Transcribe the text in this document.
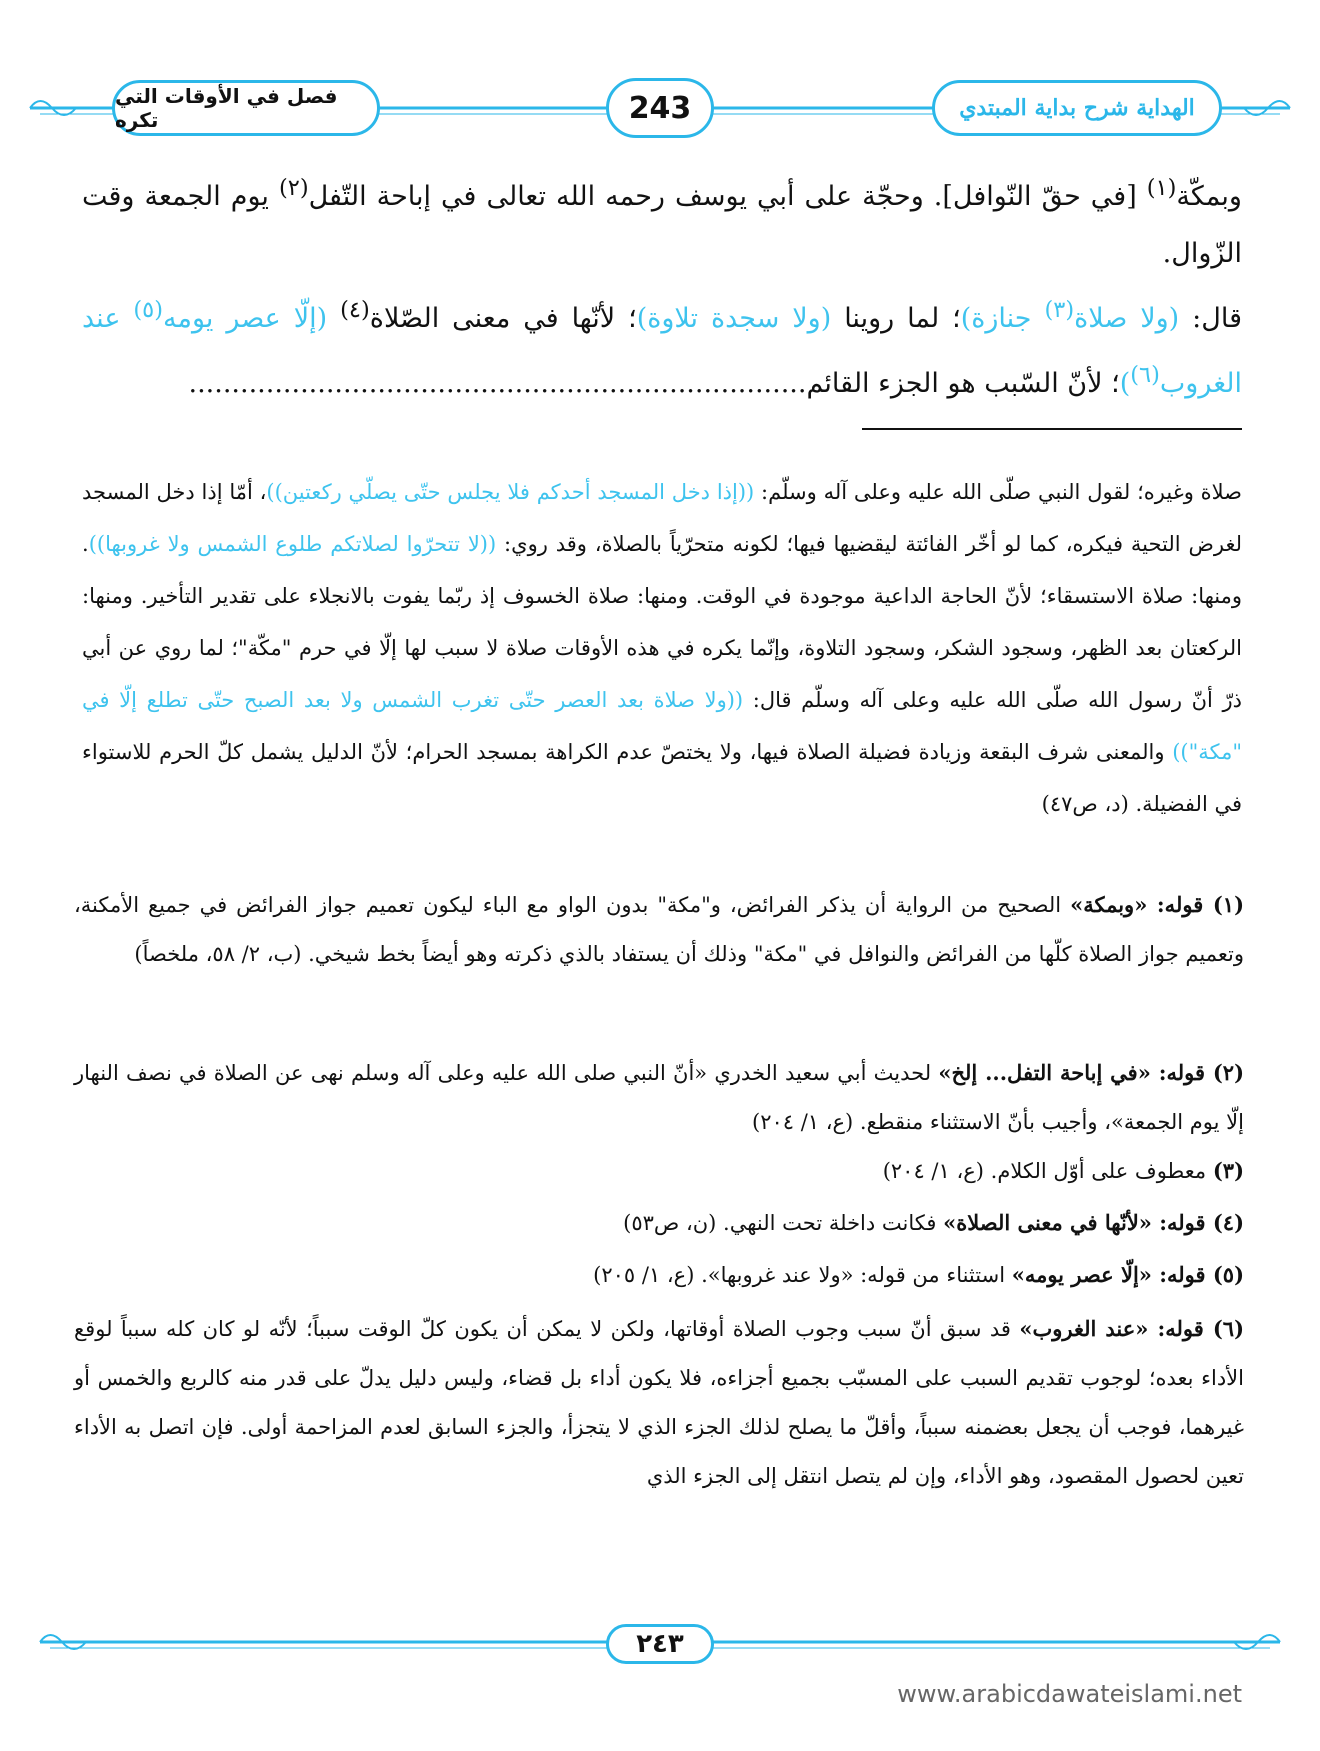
فصل في الأوقات التي تكره	243	الهداية شرح بداية المبتدي
وبمكّة$^{(١)}$ [في حقّ النّوافل]. وحجّة على أبي يوسف رحمه الله تعالى في إباحة التّفل$^{(٢)}$ يوم الجمعة وقت الزّوال.
قال: (ولا صلاة$^{(٣)}$ جنازة)؛ لما روينا (ولا سجدة تلاوة)؛ لأنّها في معنى الصّلاة$^{(٤)}$ (إلّا عصر يومه$^{(٥)}$ عند الغروب$^{(٦)}$)؛ لأنّ السّبب هو الجزء القائم........................................................................
صلاة وغيره؛ لقول النبي صلّى الله عليه وعلى آله وسلّم: ((إذا دخل المسجد أحدكم فلا يجلس حتّى يصلّي ركعتين))، أمّا إذا دخل المسجد لغرض التحية فيكره، كما لو أخّر الفائتة ليقضيها فيها؛ لكونه متحرّياً بالصلاة، وقد روي: ((لا تتحرّوا لصلاتكم طلوع الشمس ولا غروبها)). ومنها: صلاة الاستسقاء؛ لأنّ الحاجة الداعية موجودة في الوقت. ومنها: صلاة الخسوف إذ ربّما يفوت بالانجلاء على تقدير التأخير. ومنها: الركعتان بعد الظهر، وسجود الشكر، وسجود التلاوة، وإنّما يكره في هذه الأوقات صلاة لا سبب لها إلّا في حرم "مكّة"؛ لما روي عن أبي ذرّ أنّ رسول الله صلّى الله عليه وعلى آله وسلّم قال: ((ولا صلاة بعد العصر حتّى تغرب الشمس ولا بعد الصبح حتّى تطلع إلّا في "مكة")) والمعنى شرف البقعة وزيادة فضيلة الصلاة فيها، ولا يختصّ عدم الكراهة بمسجد الحرام؛ لأنّ الدليل يشمل كلّ الحرم للاستواء في الفضيلة. (د، ص٤٧)
(١) قوله: «وبمكة» الصحيح من الرواية أن يذكر الفرائض، و"مكة" بدون الواو مع الباء ليكون تعميم جواز الفرائض في جميع الأمكنة، وتعميم جواز الصلاة كلّها من الفرائض والنوافل في "مكة" وذلك أن يستفاد بالذي ذكرته وهو أيضاً بخط شيخي. (ب، ٢/ ٥٨، ملخصاً)
(٢) قوله: «في إباحة التفل... إلخ» لحديث أبي سعيد الخدري «أنّ النبي صلى الله عليه وعلى آله وسلم نهى عن الصلاة في نصف النهار إلّا يوم الجمعة»، وأجيب بأنّ الاستثناء منقطع. (ع، ١/ ٢٠٤)
(٣) معطوف على أوّل الكلام. (ع، ١/ ٢٠٤)
(٤) قوله: «لأنّها في معنى الصلاة» فكانت داخلة تحت النهي. (ن، ص٥٣)
(٥) قوله: «إلّا عصر يومه» استثناء من قوله: «ولا عند غروبها». (ع، ١/ ٢٠٥)
(٦) قوله: «عند الغروب» قد سبق أنّ سبب وجوب الصلاة أوقاتها، ولكن لا يمكن أن يكون كلّ الوقت سبباً؛ لأنّه لو كان كله سبباً لوقع الأداء بعده؛ لوجوب تقديم السبب على المسبّب بجميع أجزاءه، فلا يكون أداء بل قضاء، وليس دليل يدلّ على قدر منه كالربع والخمس أو غيرهما، فوجب أن يجعل بعضمنه سبباً، وأقلّ ما يصلح لذلك الجزء الذي لا يتجزأ، والجزء السابق لعدم المزاحمة أولى. فإن اتصل به الأداء تعين لحصول المقصود، وهو الأداء، وإن لم يتصل انتقل إلى الجزء الذي
٢٤٣
www.arabicdawateislami.net
